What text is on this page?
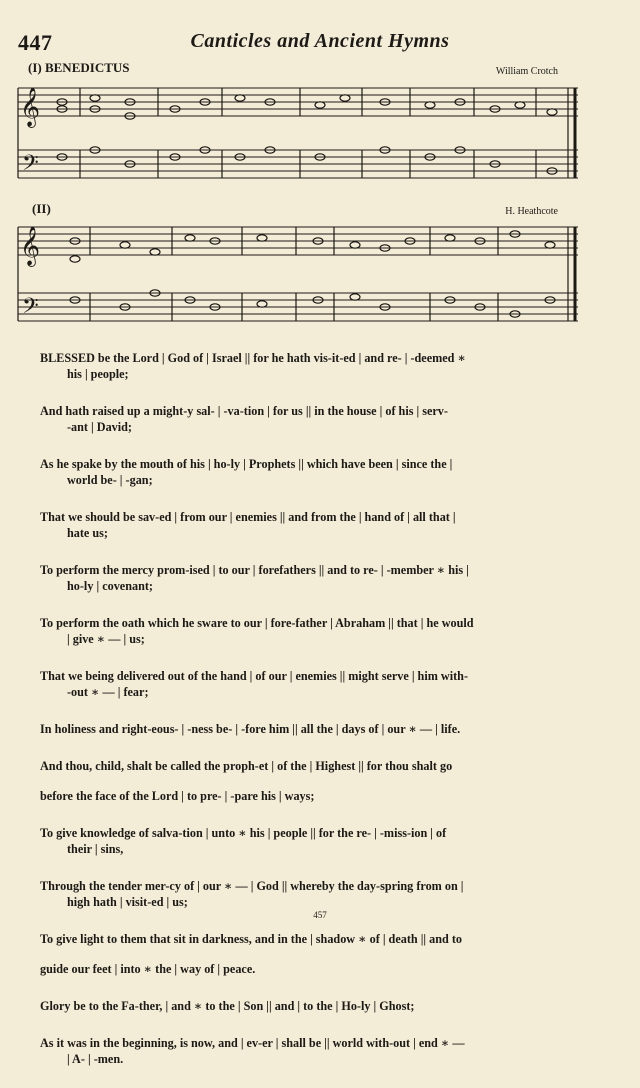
447	Canticles and Ancient Hymns
(I) BENEDICTUS	William Crotch
(II)	H. Heathcote
𝄞
𝄢
𝄞
𝄢
BLESSED be the Lord | God of | Israel || for he hath vis-it-ed | and re- | -deemed ∗
his | people;
And hath raised up a might-y sal- | -va-tion | for us || in the house | of his | serv-
-ant | David;
As he spake by the mouth of his | ho-ly | Prophets || which have been | since the |
world be- | -gan;
That we should be sav-ed | from our | enemies || and from the | hand of | all that |
hate us;
To perform the mercy prom-ised | to our | forefathers || and to re- | -member ∗ his |
ho-ly | covenant;
To perform the oath which he sware to our | fore-father | Abraham || that | he would
| give ∗ — | us;
That we being delivered out of the hand | of our | enemies || might serve | him with-
-out ∗ — | fear;
In holiness and right-eous- | -ness be- | -fore him || all the | days of | our ∗ — | life.
And thou, child, shalt be called the proph-et | of the | Highest || for thou shalt go
before the face of the Lord | to pre- | -pare his | ways;
To give knowledge of salva-tion | unto ∗ his | people || for the re- | -miss-ion | of
their | sins,
Through the tender mer-cy of | our ∗ — | God || whereby the day-spring from on |
high hath | visit-ed | us;
To give light to them that sit in darkness, and in the | shadow ∗ of | death || and to
guide our feet | into ∗ the | way of | peace.
Glory be to the Fa-ther, | and ∗ to the | Son || and | to the | Ho-ly | Ghost;
As it was in the beginning, is now, and | ev-er | shall be || world with-out | end ∗ —
| A- | -men.
457
